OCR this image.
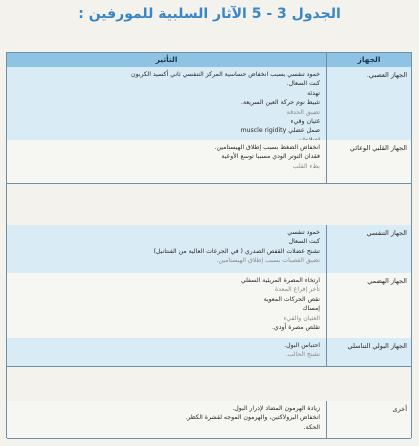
الجدول 3 - 5 الآثار السلبية للمورفين :
الجهاز
التأثير
الجهاز العصبي.
خمود تنفسي بسبب انخفاض حساسية المركز التنفسي ثاني أكسيد الكربون
كبت السعال.
تهدئة
تثبيط نوم حركة العين السريعة.
تضيق الحدقة
غثيان وقيء
صمل عضلي muscle rigidity
الجهاز القلبي الوعائي
انخفاض الضغط بسبب إطلاق الهيستامين.
فقدان التوتر الودي مسببا توسع الأوعية
بطء القلب
الجهاز التنفسي
خمود تنفسي
كبت السعال
تشنج عضلات القفص الصدري ( في الجرعات العالية من الفنتانيل)
تضيق القصبات بسبب إطلاق الهيستامين.
الجهاز الهضمي
ارتخاء المصرة المريئية السفلي
تأخر إفراغ المعدة
نقص الحركات المعوية
إمساك
الغثيان والقيء
تقلص مصرة أودي.
الجهاز البولي التناسلي
احتباس البول.
تشنج الحالب.
أخرى
زيادة الهرمون المضاد لإدرار البول.
انخفاض البرولاكتين، والهرمون الموجه لقشرة الكظر.
الحكة.
